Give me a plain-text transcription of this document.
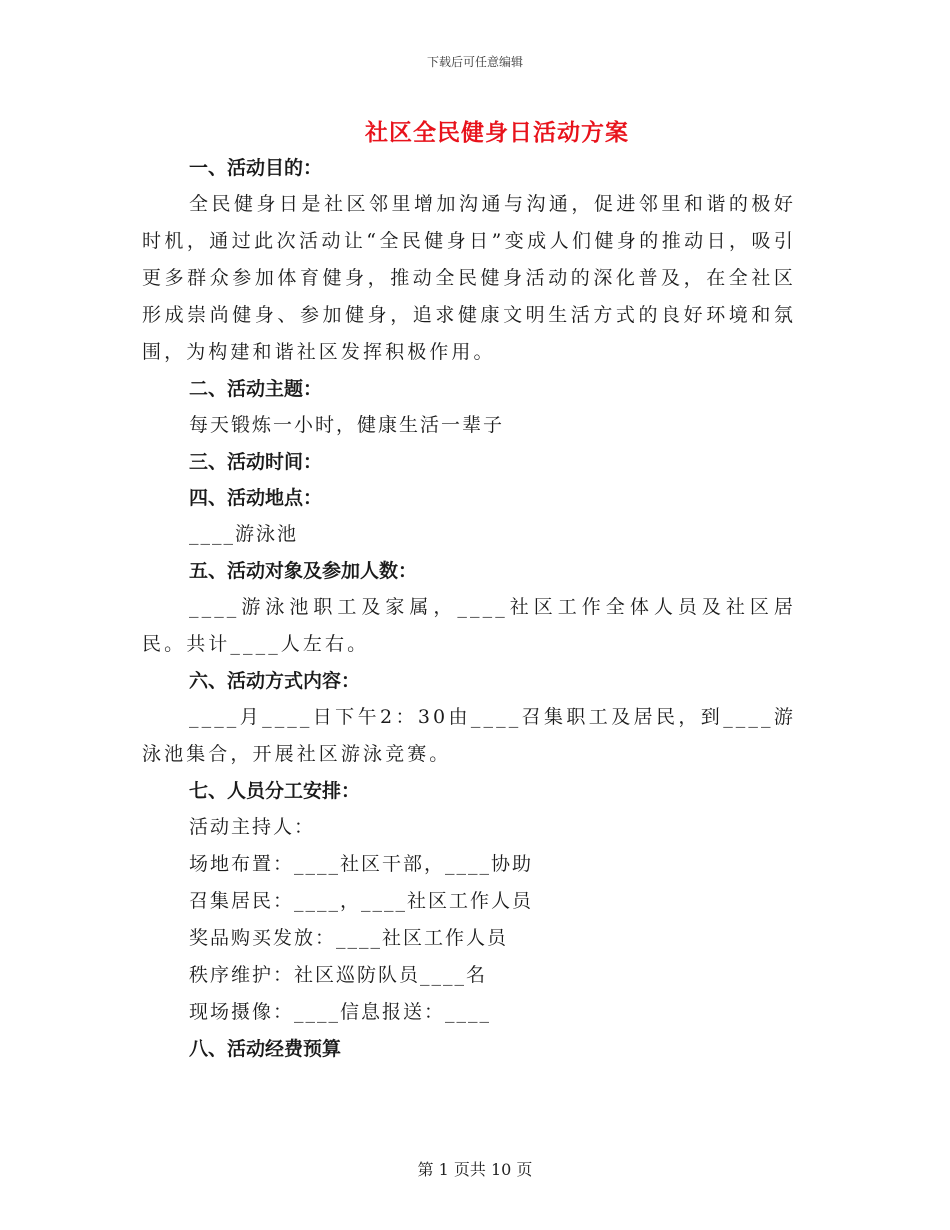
下载后可任意编辑
社区全民健身日活动方案
一、活动目的：

全民健身日是社区邻里增加沟通与沟通，促进邻里和谐的极好时机，通过此次活动让“全民健身日”变成人们健身的推动日，吸引更多群众参加体育健身，推动全民健身活动的深化普及，在全社区形成崇尚健身、参加健身，追求健康文明生活方式的良好环境和氛围，为构建和谐社区发挥积极作用。

二、活动主题：
每天锻炼一小时，健康生活一辈子
三、活动时间：
四、活动地点：
____游泳池
五、活动对象及参加人数：

____游泳池职工及家属，____社区工作全体人员及社区居民。共计____人左右。

六、活动方式内容：

____月____日下午2：30由____召集职工及居民，到____游泳池集合，开展社区游泳竞赛。

七、人员分工安排：
活动主持人：
场地布置：____社区干部，____协助
召集居民：____，____社区工作人员
奖品购买发放：____社区工作人员
秩序维护：社区巡防队员____名
现场摄像：____信息报送：____
八、活动经费预算
第 1 页共 10 页
